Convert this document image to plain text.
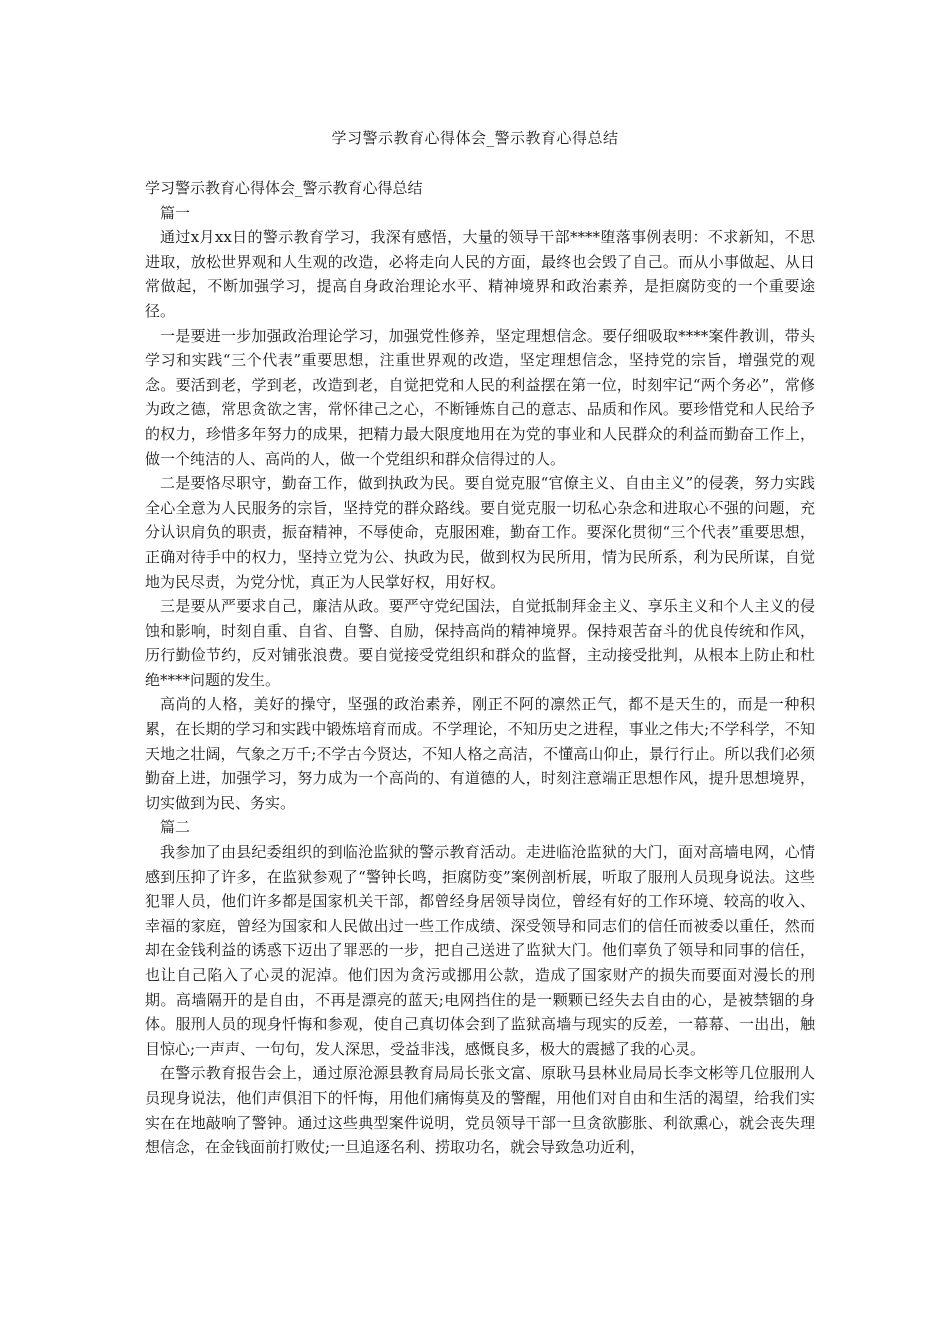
学习警示教育心得体会_警示教育心得总结

学习警示教育心得体会_警示教育心得总结

篇一

通过x月xx日的警示教育学习，我深有感悟，大量的领导干部****堕落事例表明：不求新知，不思进取，放松世界观和人生观的改造，必将走向人民的方面，最终也会毁了自己。而从小事做起、从日常做起，不断加强学习，提高自身政治理论水平、精神境界和政治素养，是拒腐防变的一个重要途径。

一是要进一步加强政治理论学习，加强党性修养，坚定理想信念。要仔细吸取****案件教训，带头学习和实践“三个代表”重要思想，注重世界观的改造，坚定理想信念，坚持党的宗旨，增强党的观念。要活到老，学到老，改造到老，自觉把党和人民的利益摆在第一位，时刻牢记“两个务必”，常修为政之德，常思贪欲之害，常怀律己之心，不断锤炼自己的意志、品质和作风。要珍惜党和人民给予的权力，珍惜多年努力的成果，把精力最大限度地用在为党的事业和人民群众的利益而勤奋工作上，做一个纯洁的人、高尚的人，做一个党组织和群众信得过的人。

二是要恪尽职守，勤奋工作，做到执政为民。要自觉克服“官僚主义、自由主义”的侵袭，努力实践全心全意为人民服务的宗旨，坚持党的群众路线。要自觉克服一切私心杂念和进取心不强的问题，充分认识肩负的职责，振奋精神，不辱使命，克服困难，勤奋工作。要深化贯彻“三个代表”重要思想，正确对待手中的权力，坚持立党为公、执政为民，做到权为民所用，情为民所系，利为民所谋，自觉地为民尽责，为党分忧，真正为人民掌好权，用好权。

三是要从严要求自己，廉洁从政。要严守党纪国法，自觉抵制拜金主义、享乐主义和个人主义的侵蚀和影响，时刻自重、自省、自警、自励，保持高尚的精神境界。保持艰苦奋斗的优良传统和作风，历行勤俭节约，反对铺张浪费。要自觉接受党组织和群众的监督，主动接受批判，从根本上防止和杜绝****问题的发生。

高尚的人格，美好的操守，坚强的政治素养，刚正不阿的凛然正气，都不是天生的，而是一种积累，在长期的学习和实践中锻炼培育而成。不学理论，不知历史之进程，事业之伟大;不学科学，不知天地之壮阔，气象之万千;不学古今贤达，不知人格之高洁，不懂高山仰止，景行行止。所以我们必须勤奋上进，加强学习，努力成为一个高尚的、有道德的人，时刻注意端正思想作风，提升思想境界，切实做到为民、务实。

篇二

我参加了由县纪委组织的到临沧监狱的警示教育活动。走进临沧监狱的大门，面对高墙电网，心情感到压抑了许多，在监狱参观了“警钟长鸣，拒腐防变”案例剖析展，听取了服刑人员现身说法。这些犯罪人员，他们许多都是国家机关干部，都曾经身居领导岗位，曾经有好的工作环境、较高的收入、幸福的家庭，曾经为国家和人民做出过一些工作成绩、深受领导和同志们的信任而被委以重任，然而却在金钱利益的诱惑下迈出了罪恶的一步，把自己送进了监狱大门。他们辜负了领导和同事的信任，也让自己陷入了心灵的泥淖。他们因为贪污或挪用公款，造成了国家财产的损失而要面对漫长的刑期。高墙隔开的是自由，不再是漂亮的蓝天;电网挡住的是一颗颗已经失去自由的心，是被禁锢的身体。服刑人员的现身忏悔和参观，使自己真切体会到了监狱高墙与现实的反差，一幕幕、一出出，触目惊心;一声声、一句句，发人深思，受益非浅，感慨良多，极大的震撼了我的心灵。

在警示教育报告会上，通过原沧源县教育局局长张文富、原耿马县林业局局长李文彬等几位服刑人员现身说法，他们声俱泪下的忏悔，用他们痛悔莫及的警醒，用他们对自由和生活的渴望，给我们实实在在地敲响了警钟。通过这些典型案件说明，党员领导干部一旦贪欲膨胀、利欲熏心，就会丧失理想信念，在金钱面前打败仗;一旦追逐名利、捞取功名，就会导致急功近利，
